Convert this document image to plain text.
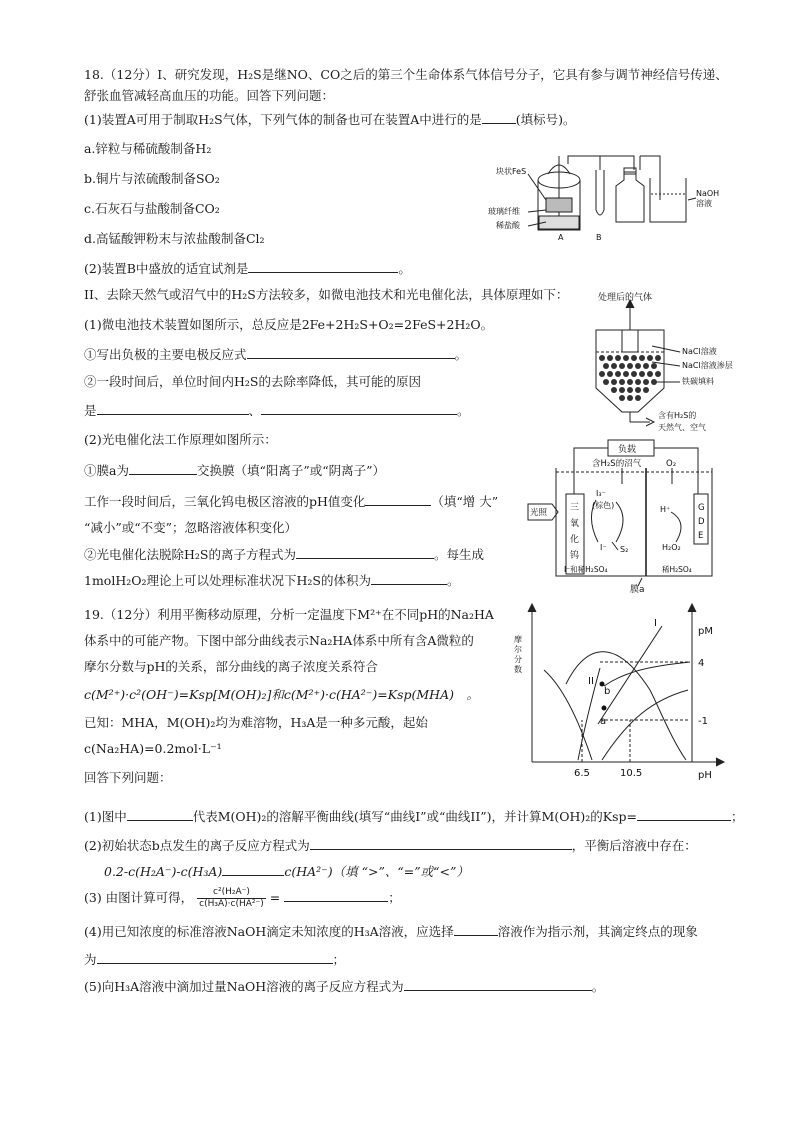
18.（12分）Ⅰ、研究发现，H₂S是继NO、CO之后的第三个生命体系气体信号分子，它具有参与调节神经信号传递、
舒张血管减轻高血压的功能。回答下列问题：
(1)装置A可用于制取H₂S气体，下列气体的制备也可在装置A中进行的是	(填标号)。
a.锌粒与稀硫酸制备H₂
b.铜片与浓硫酸制备SO₂
c.石灰石与盐酸制备CO₂
d.高锰酸钾粉末与浓盐酸制备Cl₂
(2)装置B中盛放的适宜试剂是	。
II、去除天然气或沼气中的H₂S方法较多，如微电池技术和光电催化法，具体原理如下：
(1)微电池技术装置如图所示，总反应是2Fe+2H₂S+O₂=2FeS+2H₂O。
①写出负极的主要电极反应式	。
②一段时间后，单位时间内H₂S的去除率降低，其可能的原因
是	、	。
(2)光电催化法工作原理如图所示：
①膜a为	交换膜（填“阳离子”或“阴离子”）
工作一段时间后，三氧化钨电极区溶液的pH值变化	（填“增 大”
“减小”或“不变”；忽略溶液体积变化）
②光电催化法脱除H₂S的离子方程式为	。每生成
1molH₂O₂理论上可以处理标准状况下H₂S的体积为	。
块状FeS
玻璃纤维
稀盐酸
NaOH
溶液
A	B
处理后的气体
NaCl溶液
NaCl溶液渗层
铁碳填料
含有H₂S的
天然气、空气
负载
含H₂S的沼气	O₂
光照	三
氧
化
钨
I₃⁻
(棕色)
I⁻ S₂
H⁺
H₂O₂
G
D
E
I⁻和稀H₂SO₄	稀H₂SO₄
膜a
19.（12分）利用平衡移动原理，分析一定温度下M²⁺在不同pH的Na₂HA
体系中的可能产物。下图中部分曲线表示Na₂HA体系中所有含A微粒的
摩尔分数与pH的关系，部分曲线的离子浓度关系符合
c(M²⁺)·c²(OH⁻)=Ksp[M(OH)₂]和c(M²⁺)·c(HA²⁻)=Ksp(MHA)　。
已知：MHA，M(OH)₂均为难溶物，H₃A是一种多元酸，起始
c(Na₂HA)=0.2mol·L⁻¹
回答下列问题：
(1)图中	代表M(OH)₂的溶解平衡曲线(填写“曲线I”或“曲线II”)，并计算M(OH)₂的Ksp=	；
(2)初始状态b点发生的离子反应方程式为	，平衡后溶液中存在：
0.2-c(H₂A⁻)-c(H₃A)	c(HA²⁻)（填 “>”、“=”或“<”）
(3) 由图计算可得， $\frac{\text{c²(H₂A⁻)}}{\text{c(H₃A)·c(HA²⁻)}}$ =	；
(4)用已知浓度的标准溶液NaOH滴定未知浓度的H₃A溶液，应选择	溶液作为指示剂，其滴定终点的现象
为	；
(5)向H₃A溶液中滴加过量NaOH溶液的离子反应方程式为	。
摩
尔
分
数
pM
4
-1
6.5	10.5	pH
I
II
a
b
